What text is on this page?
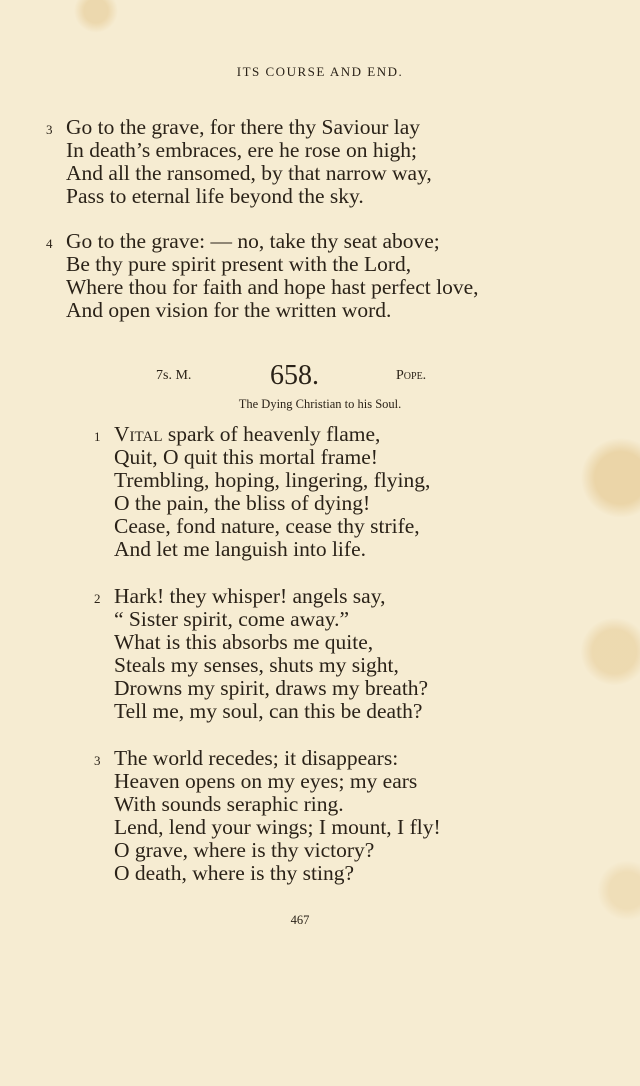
ITS COURSE AND END.
3 Go to the grave, for there thy Saviour lay
In death’s embraces, ere he rose on high;
And all the ransomed, by that narrow way,
Pass to eternal life beyond the sky.
4 Go to the grave: — no, take thy seat above;
Be thy pure spirit present with the Lord,
Where thou for faith and hope hast perfect love,
And open vision for the written word.
7s. M.	658.	Pope.
The Dying Christian to his Soul.
1 Vital spark of heavenly flame,
Quit, O quit this mortal frame!
Trembling, hoping, lingering, flying,
O the pain, the bliss of dying!
Cease, fond nature, cease thy strife,
And let me languish into life.
2 Hark! they whisper! angels say,
“ Sister spirit, come away.”
What is this absorbs me quite,
Steals my senses, shuts my sight,
Drowns my spirit, draws my breath?
Tell me, my soul, can this be death?
3 The world recedes; it disappears:
Heaven opens on my eyes; my ears
With sounds seraphic ring.
Lend, lend your wings; I mount, I fly!
O grave, where is thy victory?
O death, where is thy sting?
467
